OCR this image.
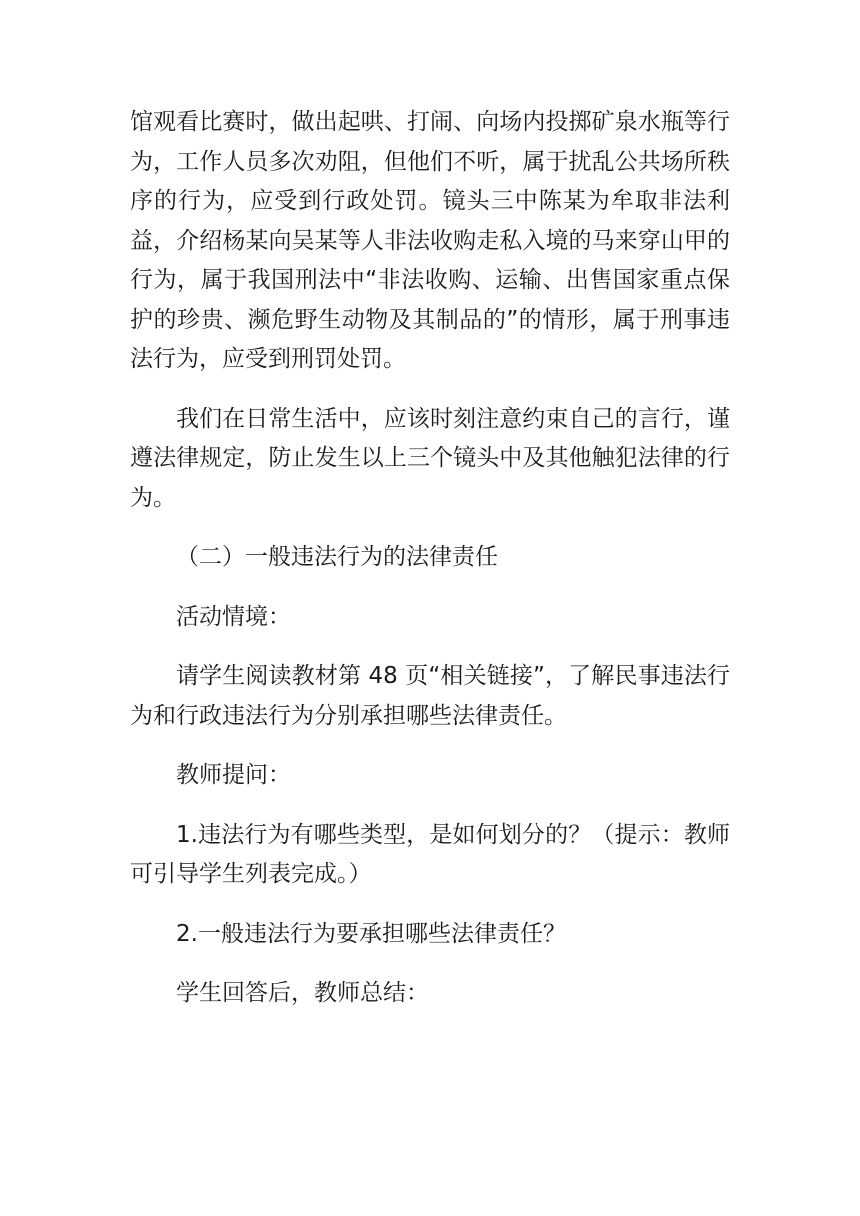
馆观看比赛时，做出起哄、打闹、向场内投掷矿泉水瓶等行为，工作人员多次劝阻，但他们不听，属于扰乱公共场所秩序的行为，应受到行政处罚。镜头三中陈某为牟取非法利益，介绍杨某向吴某等人非法收购走私入境的马来穿山甲的行为，属于我国刑法中“非法收购、运输、出售国家重点保护的珍贵、濒危野生动物及其制品的”的情形，属于刑事违法行为，应受到刑罚处罚。

我们在日常生活中，应该时刻注意约束自己的言行，谨遵法律规定，防止发生以上三个镜头中及其他触犯法律的行为。

（二）一般违法行为的法律责任

活动情境：

请学生阅读教材第 48 页“相关链接”，了解民事违法行为和行政违法行为分别承担哪些法律责任。

教师提问：

1.违法行为有哪些类型，是如何划分的？（提示：教师可引导学生列表完成。）

2.一般违法行为要承担哪些法律责任？

学生回答后，教师总结：
